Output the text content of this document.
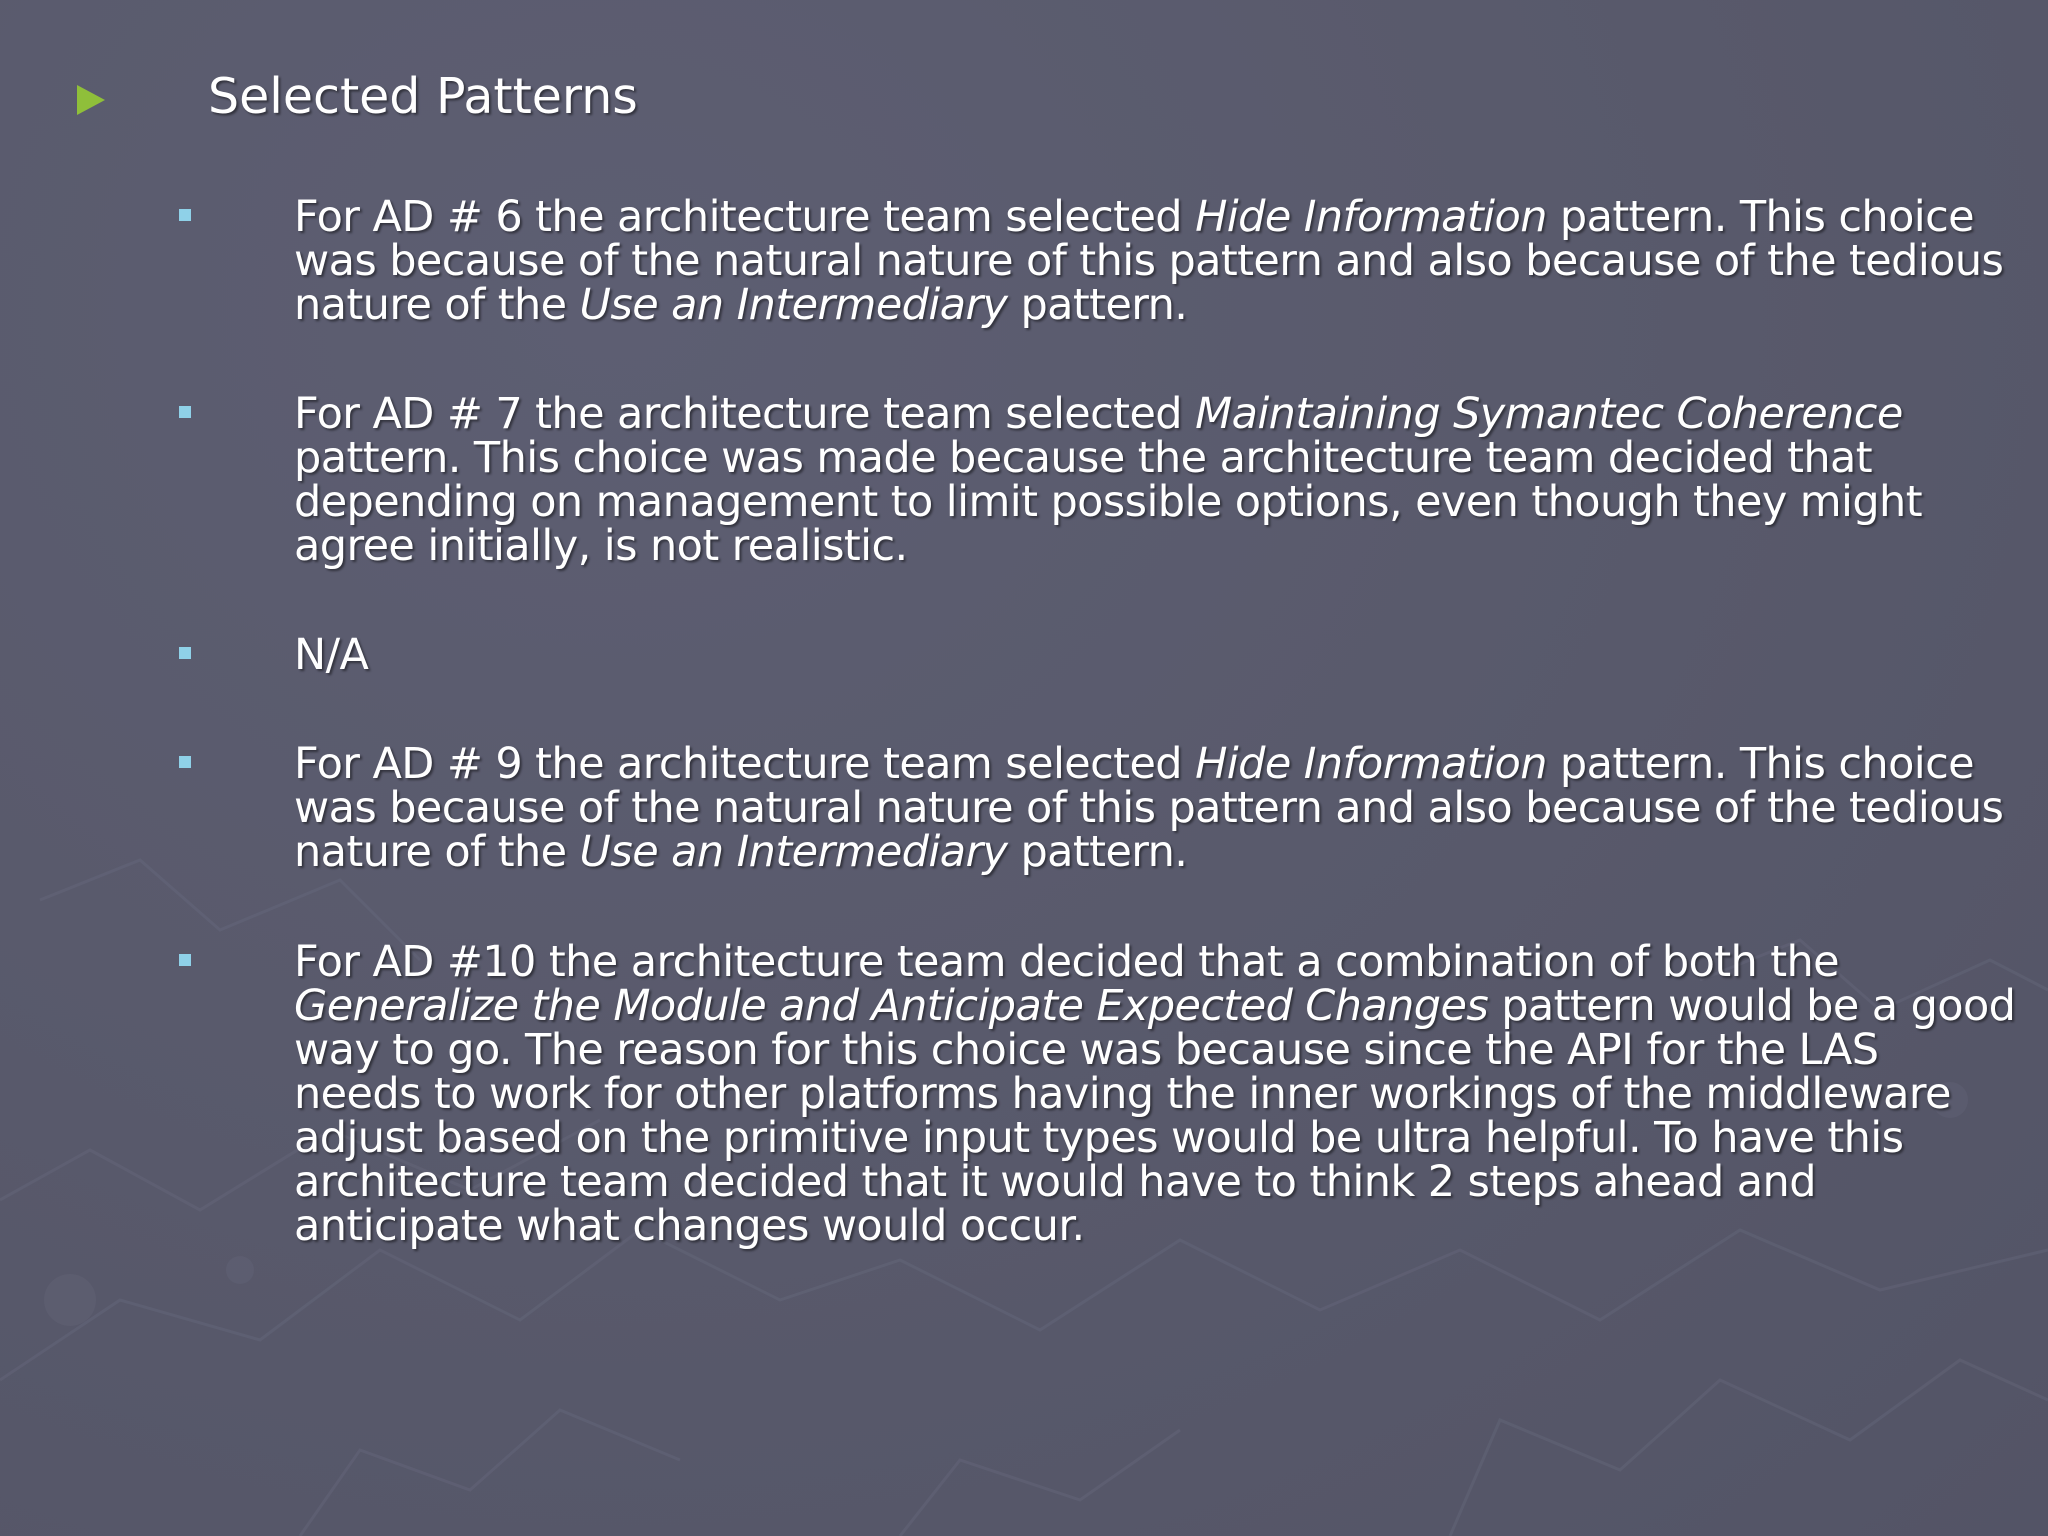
Selected Patterns
For AD # 6 the architecture team selected Hide Information pattern. This choice
was because of the natural nature of this pattern and also because of the tedious
nature of the Use an Intermediary pattern.
For AD # 7 the architecture team selected Maintaining Symantec Coherence
pattern. This choice was made because the architecture team decided that
depending on management to limit possible options, even though they might
agree initially, is not realistic.
N/A
For AD # 9 the architecture team selected Hide Information pattern. This choice
was because of the natural nature of this pattern and also because of the tedious
nature of the Use an Intermediary pattern.
For AD #10 the architecture team decided that a combination of both the
Generalize the Module and Anticipate Expected Changes pattern would be a good
way to go. The reason for this choice was because since the API for the LAS
needs to work for other platforms having the inner workings of the middleware
adjust based on the primitive input types would be ultra helpful. To have this
architecture team decided that it would have to think 2 steps ahead and
anticipate what changes would occur.
